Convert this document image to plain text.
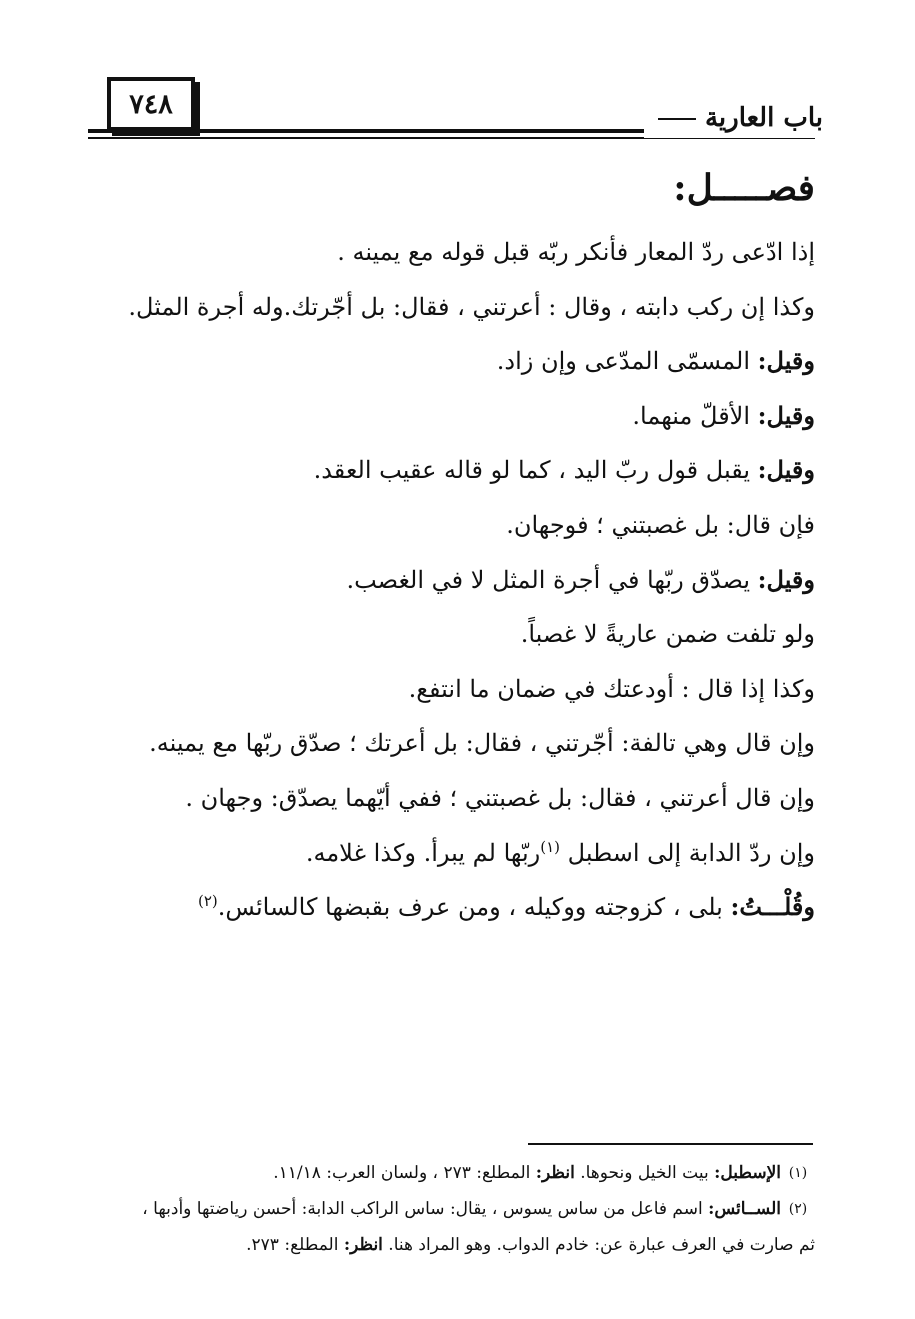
٧٤٨	باب العارية
فصـــــل:
إذا ادّعى ردّ المعار فأنكر ربّه قبل قوله مع يمينه .
وكذا إن ركب دابته ، وقال : أعرتني ، فقال: بل أجّرتك.وله أجرة المثل.
وقيل: المسمّى المدّعى وإن زاد.
وقيل: الأقلّ منهما.
وقيل: يقبل قول ربّ اليد ، كما لو قاله عقيب العقد.
فإن قال: بل غصبتني ؛ فوجهان.
وقيل: يصدّق ربّها في أجرة المثل لا في الغصب.
ولو تلفت ضمن عاريةً لا غصباً.
وكذا إذا قال : أودعتك في ضمان ما انتفع.
وإن قال وهي تالفة: أجّرتني ، فقال: بل أعرتك ؛ صدّق ربّها مع يمينه.
وإن قال أعرتني ، فقال: بل غصبتني ؛ ففي أيّهما يصدّق: وجهان .
وإن ردّ الدابة إلى اسطبل $^{(١)}$ربّها لم يبرأ. وكذا غلامه.
وقُلْـــتُ: بلى ، كزوجته ووكيله ، ومن عرف بقبضها كالسائس.$^{(٢)}$
(١)الإسطبل: بيت الخيل ونحوها. انظر: المطلع: ٢٧٣ ، ولسان العرب: ١١/١٨.
(٢)الســائس: اسم فاعل من ساس يسوس ، يقال: ساس الراكب الدابة: أحسن رياضتها وأدبها ،
ثم صارت في العرف عبارة عن: خادم الدواب. وهو المراد هنا. انظر: المطلع: ٢٧٣.
